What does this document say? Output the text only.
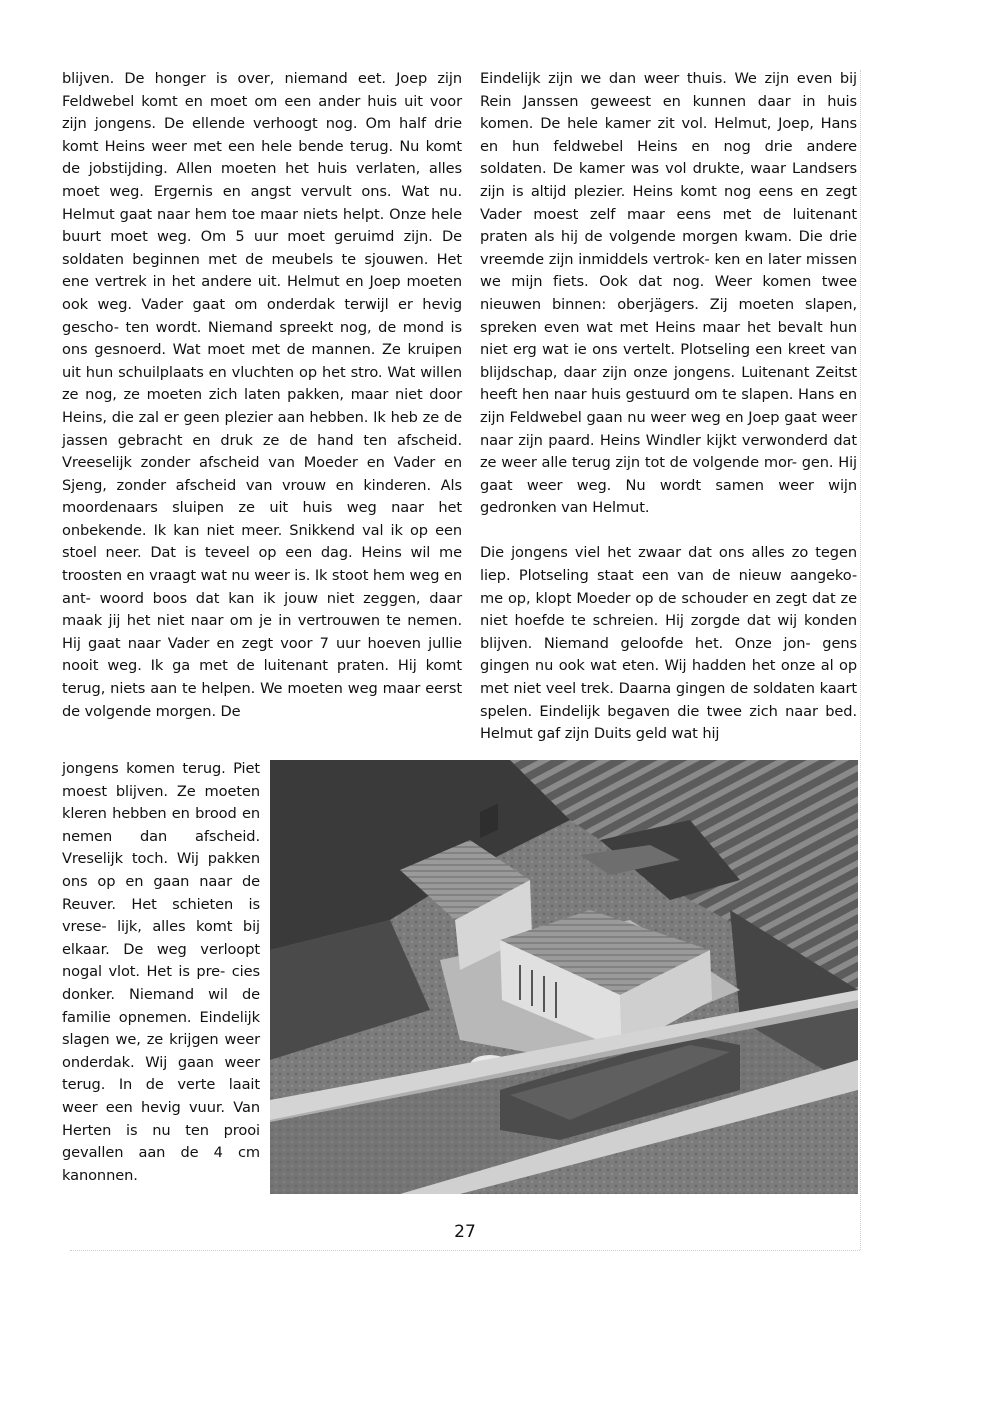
blijven. De honger is over, niemand eet. Joep zijn Feldwebel komt en moet om een ander huis uit voor zijn jongens. De ellende verhoogt nog. Om half drie komt Heins weer met een hele bende terug. Nu komt de jobstijding. Allen moeten het huis verlaten, alles moet weg. Ergernis en angst vervult ons. Wat nu. Helmut gaat naar hem toe maar niets helpt. Onze hele buurt moet weg. Om 5 uur moet geruimd zijn. De soldaten beginnen met de meubels te sjouwen. Het ene vertrek in het andere uit. Helmut en Joep moeten ook weg. Vader gaat om onderdak terwijl er hevig gescho- ten wordt. Niemand spreekt nog, de mond is ons gesnoerd. Wat moet met de mannen. Ze kruipen uit hun schuilplaats en vluchten op het stro. Wat willen ze nog, ze moeten zich laten pakken, maar niet door Heins, die zal er geen plezier aan hebben. Ik heb ze de jassen gebracht en druk ze de hand ten afscheid. Vreeselijk zonder afscheid van Moeder en Vader en Sjeng, zonder afscheid van vrouw en kinderen. Als moordenaars sluipen ze uit huis weg naar het onbekende. Ik kan niet meer. Snikkend val ik op een stoel neer. Dat is teveel op een dag. Heins wil me troosten en vraagt wat nu weer is. Ik stoot hem weg en ant- woord boos dat kan ik jouw niet zeggen, daar maak jij het niet naar om je in vertrouwen te nemen. Hij gaat naar Vader en zegt voor 7 uur hoeven jullie nooit weg. Ik ga met de luitenant praten. Hij komt terug, niets aan te helpen. We moeten weg maar eerst de volgende morgen. De

jongens komen terug. Piet moest blijven. Ze moeten kleren hebben en brood en nemen dan afscheid. Vreselijk toch. Wij pakken ons op en gaan naar de Reuver. Het schieten is vrese- lijk, alles komt bij elkaar. De weg verloopt nogal vlot. Het is pre- cies donker. Niemand wil de familie opnemen. Eindelijk slagen we, ze krijgen weer onderdak. Wij gaan weer terug. In de verte laait weer een hevig vuur. Van Herten is nu ten prooi gevallen aan de 4 cm kanonnen.

Eindelijk zijn we dan weer thuis. We zijn even bij Rein Janssen geweest en kunnen daar in huis komen. De hele kamer zit vol. Helmut, Joep, Hans en hun feldwebel Heins en nog drie andere soldaten. De kamer was vol drukte, waar Landsers zijn is altijd plezier. Heins komt nog eens en zegt Vader moest zelf maar eens met de luitenant praten als hij de volgende morgen kwam. Die drie vreemde zijn inmiddels vertrok- ken en later missen we mijn fiets. Ook dat nog. Weer komen twee nieuwen binnen: oberjägers. Zij moeten slapen, spreken even wat met Heins maar het bevalt hun niet erg wat ie ons vertelt. Plotseling een kreet van blijdschap, daar zijn onze jongens. Luitenant Zeitst heeft hen naar huis gestuurd om te slapen. Hans en zijn Feldwebel gaan nu weer weg en Joep gaat weer naar zijn paard. Heins Windler kijkt verwonderd dat ze weer alle terug zijn tot de volgende mor- gen. Hij gaat weer weg. Nu wordt samen weer wijn gedronken van Helmut.

Die jongens viel het zwaar dat ons alles zo tegen liep. Plotseling staat een van de nieuw aangeko- me op, klopt Moeder op de schouder en zegt dat ze niet hoefde te schreien. Hij zorgde dat wij konden blijven. Niemand geloofde het. Onze jon- gens gingen nu ook wat eten. Wij hadden het onze al op met niet veel trek. Daarna gingen de soldaten kaart spelen. Eindelijk begaven die twee zich naar bed. Helmut gaf zijn Duits geld wat hij

27
